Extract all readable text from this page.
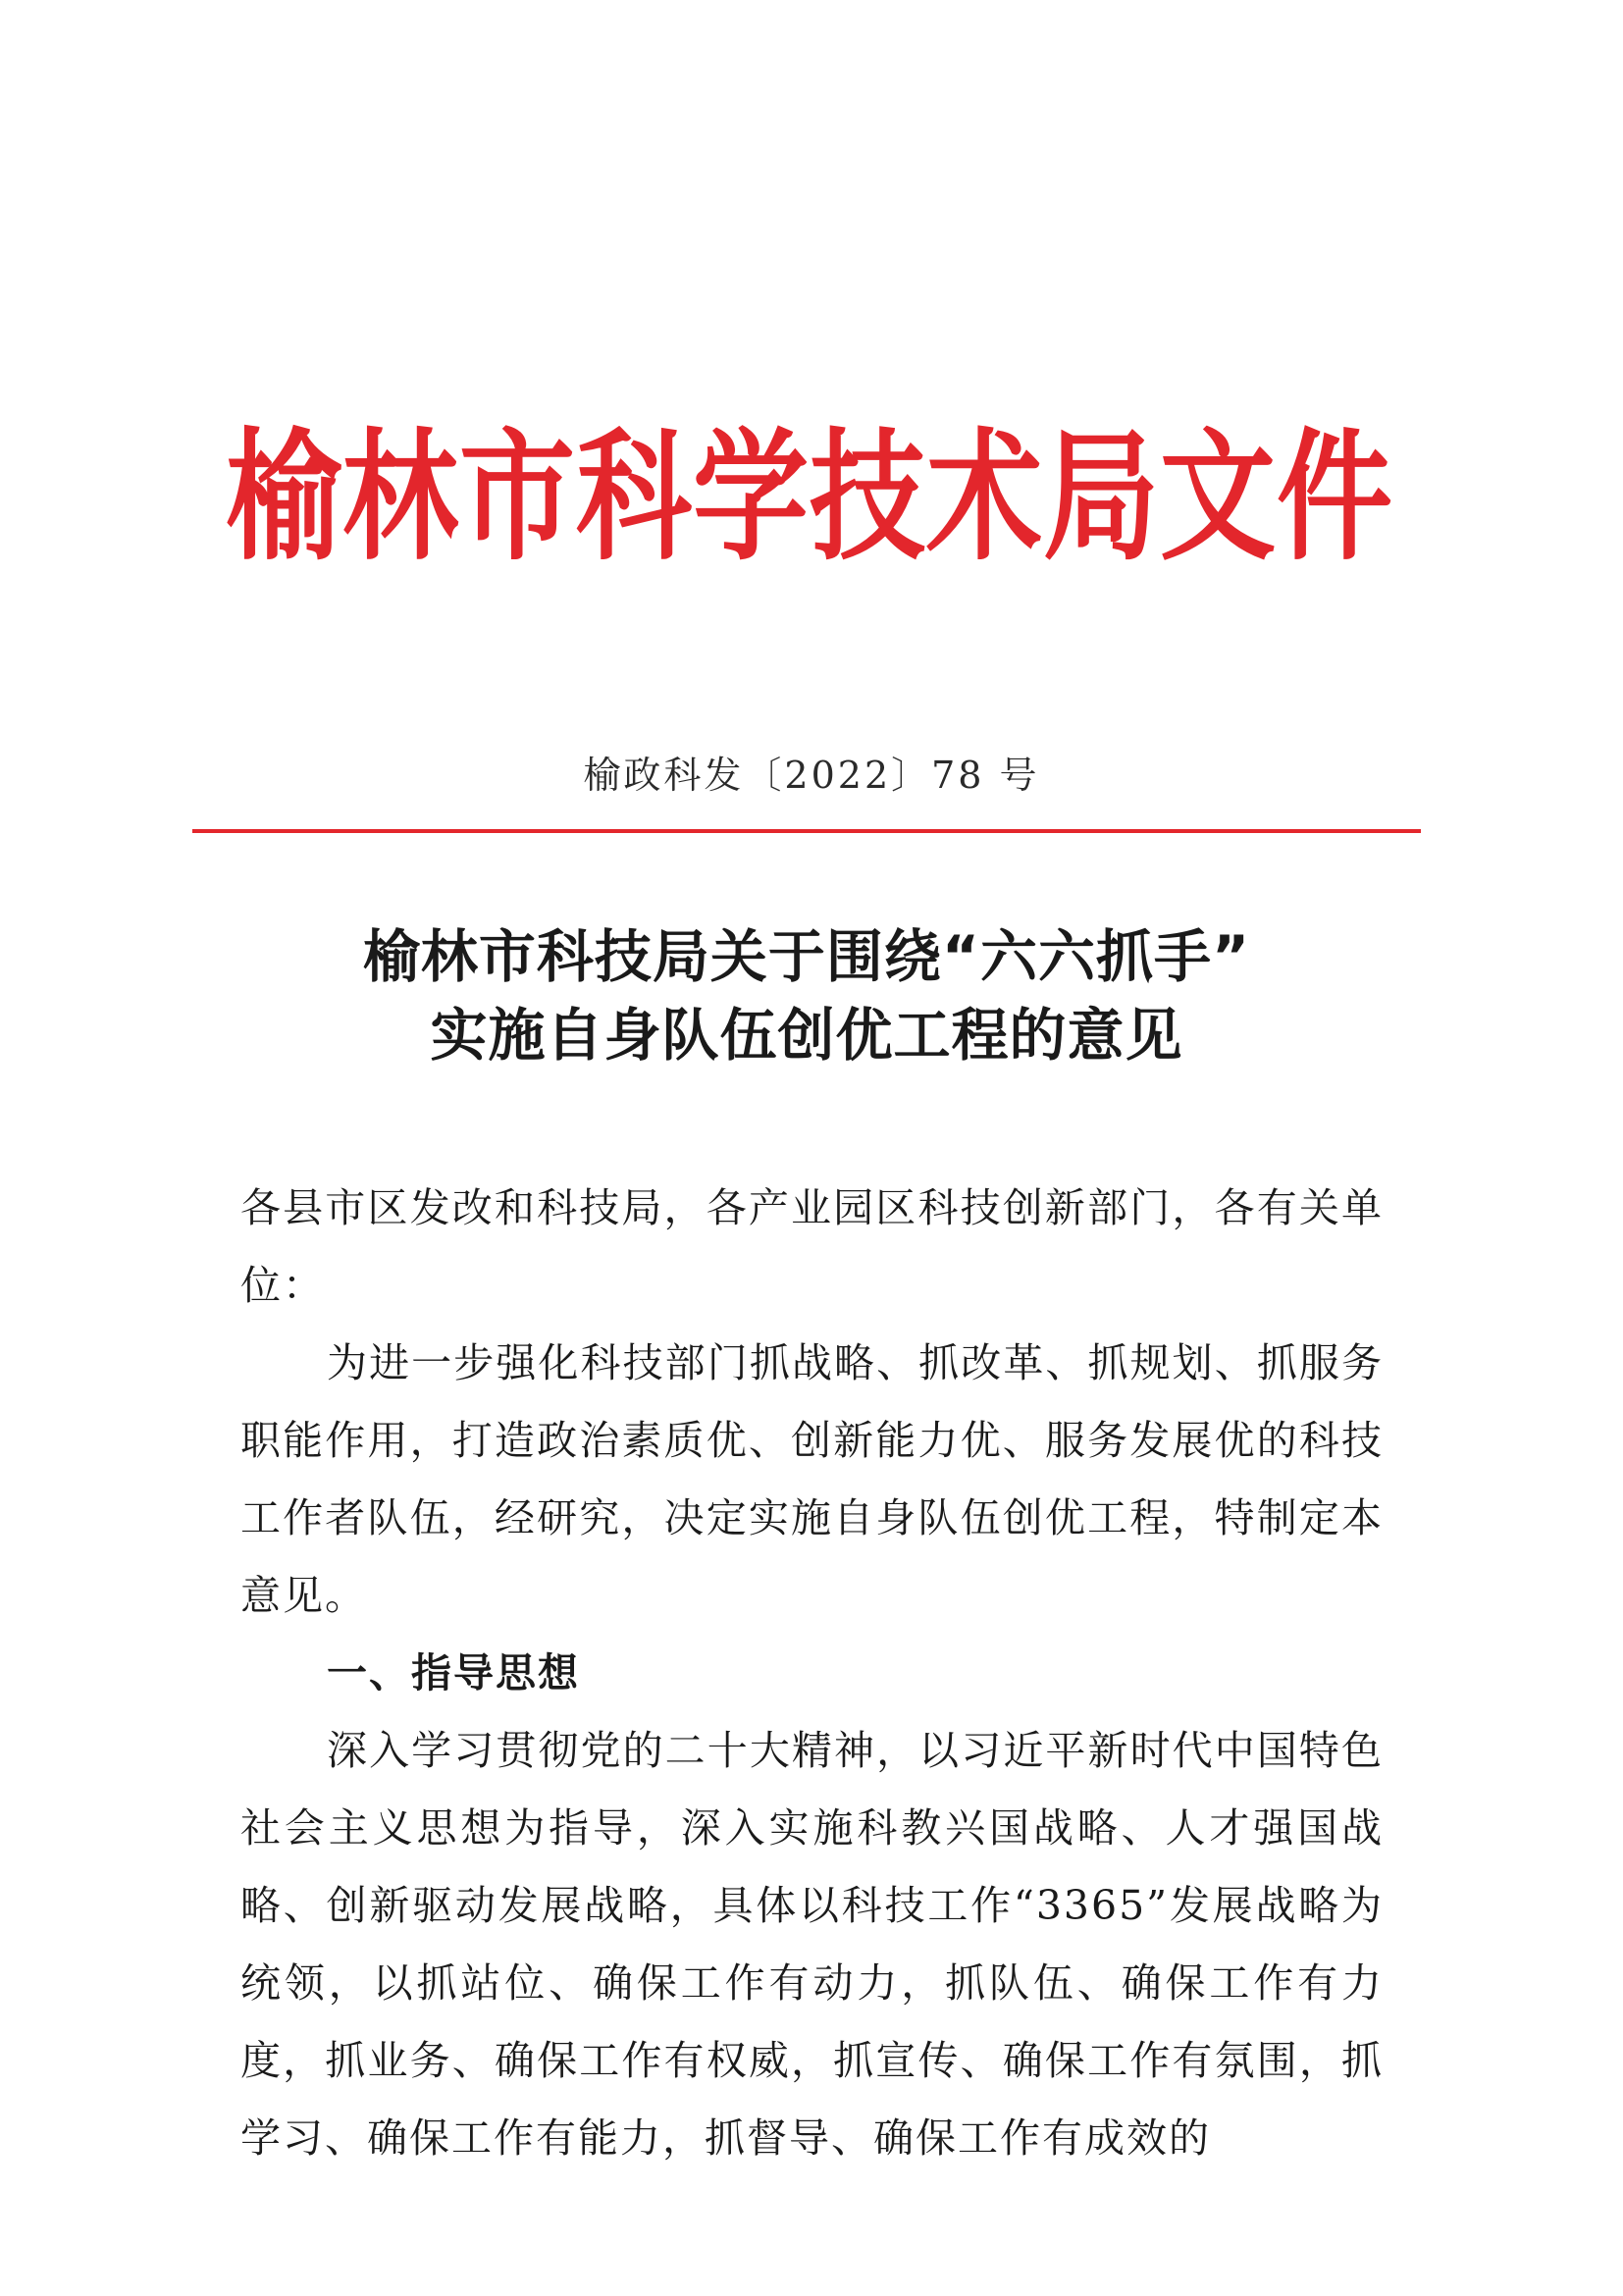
榆林市科学技术局文件
榆政科发〔2022〕78 号
榆林市科技局关于围绕“六六抓手”
实施自身队伍创优工程的意见

各县市区发改和科技局，各产业园区科技创新部门，各有关单位：

为进一步强化科技部门抓战略、抓改革、抓规划、抓服务职能作用，打造政治素质优、创新能力优、服务发展优的科技工作者队伍，经研究，决定实施自身队伍创优工程，特制定本意见。

一、指导思想

深入学习贯彻党的二十大精神，以习近平新时代中国特色社会主义思想为指导，深入实施科教兴国战略、人才强国战略、创新驱动发展战略，具体以科技工作“3365”发展战略为统领，以抓站位、确保工作有动力，抓队伍、确保工作有力度，抓业务、确保工作有权威，抓宣传、确保工作有氛围，抓学习、确保工作有能力，抓督导、确保工作有成效的
